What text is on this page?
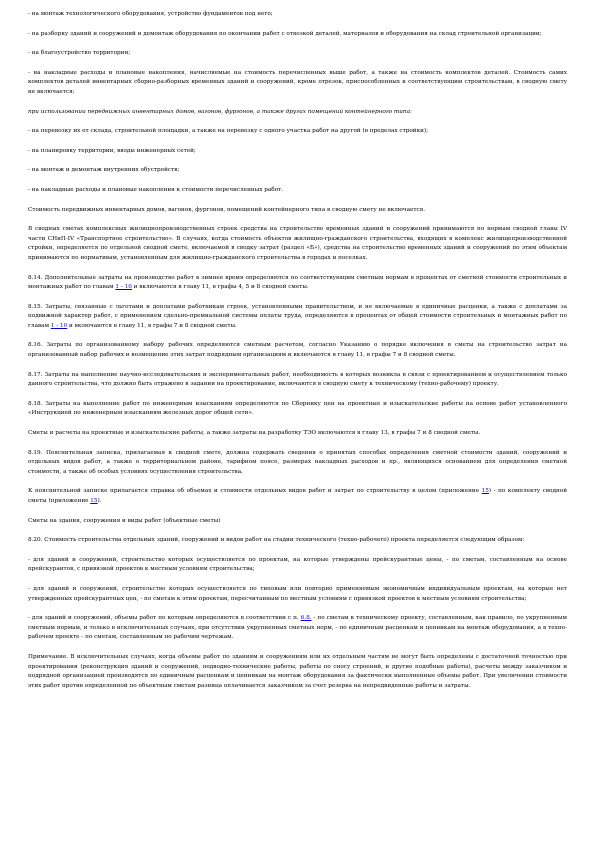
- на монтаж технологического оборудования, устройство фундаментов под него;

- на разборку зданий и сооружений и демонтаж оборудования по окончании работ с отвозкой деталей, материалов и оборудования на склад строительной организации;

- на благоустройство территории;

- на накладные расходы и плановые накопления, начисляемые на стоимость перечисленных выше работ, а также на стоимость комплектов деталей. Стоимость самих комплектов деталей инвентарных сборно-разборных временных зданий и сооружений, кроме отрезок, приспособленных к соответствующим строительствам, в сводную смету не включается;

при использовании передвижных инвентарных домов, вагонов, фургонов, а также других помещений контейнерного типа:

- на перевозку их от склада, строительной площадки, а также на перевозку с одного участка работ на другой (в пределах стройки);

- на планировку территории, вводы инженерных сетей;

- на монтаж и демонтаж внутренних обустройств;

- на накладные расходы и плановые накопления к стоимости перечисленных работ.

Стоимость передвижных инвентарных домов, вагонов, фургонов, помещений контейнерного типа в сводную смету не включается.

В сводных сметах комплексных жилищнопроизводственных строек средства на строительство временных зданий и сооружений принимаются по нормам сводной главы IV части СНиП-IV «Транспортное строительство». В случаях, когда стоимость объектов жилищно-гражданского строительства, входящих в комплекс жилищепроизводственной стройки, определяется по отдельной сводной смете, включаемой в сводку затрат (раздел «Б»), средства на строительство временных зданий и сооружений по этим объектам принимаются по нормативам, установленным для жилищно-гражданского строительства в городах и поселках.

8.14. Дополнительные затраты на производство работ в зимнее время определяются по соответствующим сметным нормам в процентах от сметной стоимости строительных и монтажных работ по главам 1 - 10 и включаются в главу 11, в графы 4, 5 и 8 сводной сметы.

8.15. Затраты, связанные с льготами и доплатами работникам строек, установленными правительством, и не включаемые в единичные расценки, а также с доплатами за подвижной характер работ, с применением сдельно-премиальной системы оплаты труда, определяются в процентах от общей стоимости строительных и монтажных работ по главам 1 - 10 и включаются в главу 11, в графы 7 и 8 сводной сметы.

8.16. Затраты по организованному набору рабочих определяются сметным расчетом, согласно Указанию о порядке включения в сметы на строительство затрат на организованный набор рабочих и возмещение этих затрат подрядным организациям и включаются в главу 11, в графы 7 и 8 сводной сметы.

8.17. Затраты на выполнение научно-исследовательских и экспериментальных работ, необходимость в которых возникла в связи с проектированием и осуществлением только данного строительства, что должно быть отражено в задании на проектирование, включаются в сводную смету к техническому (техно-рабочему) проекту.

8.18. Затраты на выполнение работ по инженерным изысканиям определяются по Сборнику цен на проектные и изыскательские работы на основе работ установленного «Инструкцией по инженерным изысканиям железных дорог общей сети».

Сметы и расчеты на проектные и изыскательские работы, а также затраты на разработку ТЭО включаются в главу 13, в графы 7 и 8 сводной сметы.

8.19. Пояснительная записка, прилагаемая к сводной смете, должна содержать сведения о принятых способах определения сметной стоимости зданий, сооружений и отдельных видов работ, а также о территориальном районе, тарифном поясе, размерах накладных расходов и пр., являющихся основанием для определения сметной стоимости, а также об особых условиях осуществления строительства.

К пояснительной записке прилагается справка об объемах и стоимости отдельных видов работ и затрат по строительству в целом (приложение 15) - по комплекту сводной сметы (приложение 15).

Сметы на здания, сооружения и виды работ (объектные сметы)

8.20. Стоимость строительства отдельных зданий, сооружений и видов работ на стадии технического (техно-рабочего) проекта определяется следующим образом:

- для зданий и сооружений, строительство которых осуществляется по проектам, на которые утверждены прейскурантные цены, - по сметам, составленным на основе прейскурантов, с привязкой проектов к местным условиям строительства;

- для зданий и сооружений, строительство которых осуществляется по типовым или повторно применяемым экономичным индивидуальным проектам, на которые нет утвержденных прейскурантных цен, - по сметам к этим проектам, пересчитанным по местным условиям с привязкой проектов к местным условиям строительства;

- для зданий и сооружений, объемы работ по которым определяются в соответствии с п. 6.8. - по сметам к техническому проекту, составленным, как правило, по укрупненным сметным нормам, и только в исключительных случаях, при отсутствии укрупненных сметных норм, - по единичным расценкам и ценникам на монтаж оборудования, а в техно-рабочем проекте - по сметам, составленным по рабочим чертежам.

Примечание. В исключительных случаях, когда объемы работ по зданиям и сооружениям или их отдельным частям не могут быть определены с достаточной точностью при проектировании (реконструкция зданий и сооружений, подводно-технические работы, работы по сносу строений, и другие подобные работы), расчеты между заказчиком и подрядной организацией производятся по единичным расценкам и ценникам на монтаж оборудования за фактически выполненные объемы работ. При увеличении стоимости этих работ против определенной по объектным сметам разница оплачивается заказчиком за счет резерва на непредвиденные работы и затраты.
